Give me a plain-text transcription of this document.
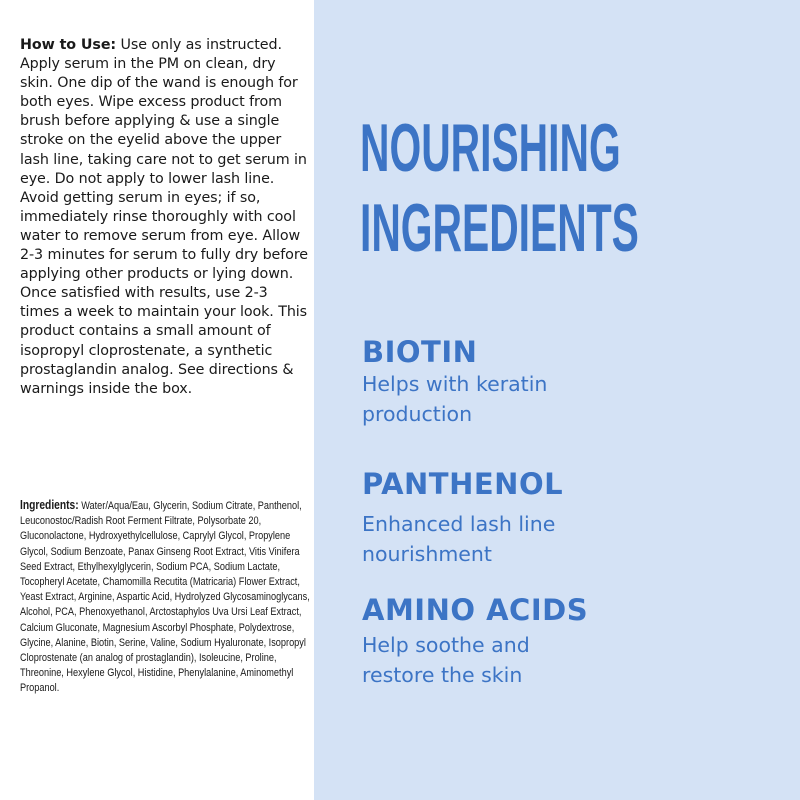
How to Use: Use only as instructed. Apply serum in the PM on clean, dry skin. One dip of the wand is enough for both eyes. Wipe excess product from brush before applying & use a single stroke on the eyelid above the upper lash line, taking care not to get serum in eye. Do not apply to lower lash line. Avoid getting serum in eyes; if so, immediately rinse thoroughly with cool water to remove serum from eye. Allow 2-3 minutes for serum to fully dry before applying other products or lying down. Once satisfied with results, use 2-3 times a week to maintain your look. This product contains a small amount of isopropyl cloprostenate, a synthetic prostaglandin analog. See directions & warnings inside the box.
Ingredients: Water/Aqua/Eau, Glycerin, Sodium Citrate, Panthenol, Leuconostoc/Radish Root Ferment Filtrate, Polysorbate 20, Gluconolactone, Hydroxyethylcellulose, Caprylyl Glycol, Propylene Glycol, Sodium Benzoate, Panax Ginseng Root Extract, Vitis Vinifera Seed Extract, Ethylhexylglycerin, Sodium PCA, Sodium Lactate, Tocopheryl Acetate, Chamomilla Recutita (Matricaria) Flower Extract, Yeast Extract, Arginine, Aspartic Acid, Hydrolyzed Glycosaminoglycans, Alcohol, PCA, Phenoxyethanol, Arctostaphylos Uva Ursi Leaf Extract, Calcium Gluconate, Magnesium Ascorbyl Phosphate, Polydextrose, Glycine, Alanine, Biotin, Serine, Valine, Sodium Hyaluronate, Isopropyl Cloprostenate (an analog of prostaglandin), Isoleucine, Proline, Threonine, Hexylene Glycol, Histidine, Phenylalanine, Aminomethyl Propanol.
NOURISHING
INGREDIENTS
BIOTIN
Helps with keratin
production
PANTHENOL
Enhanced lash line
nourishment
AMINO ACIDS
Help soothe and
restore the skin
